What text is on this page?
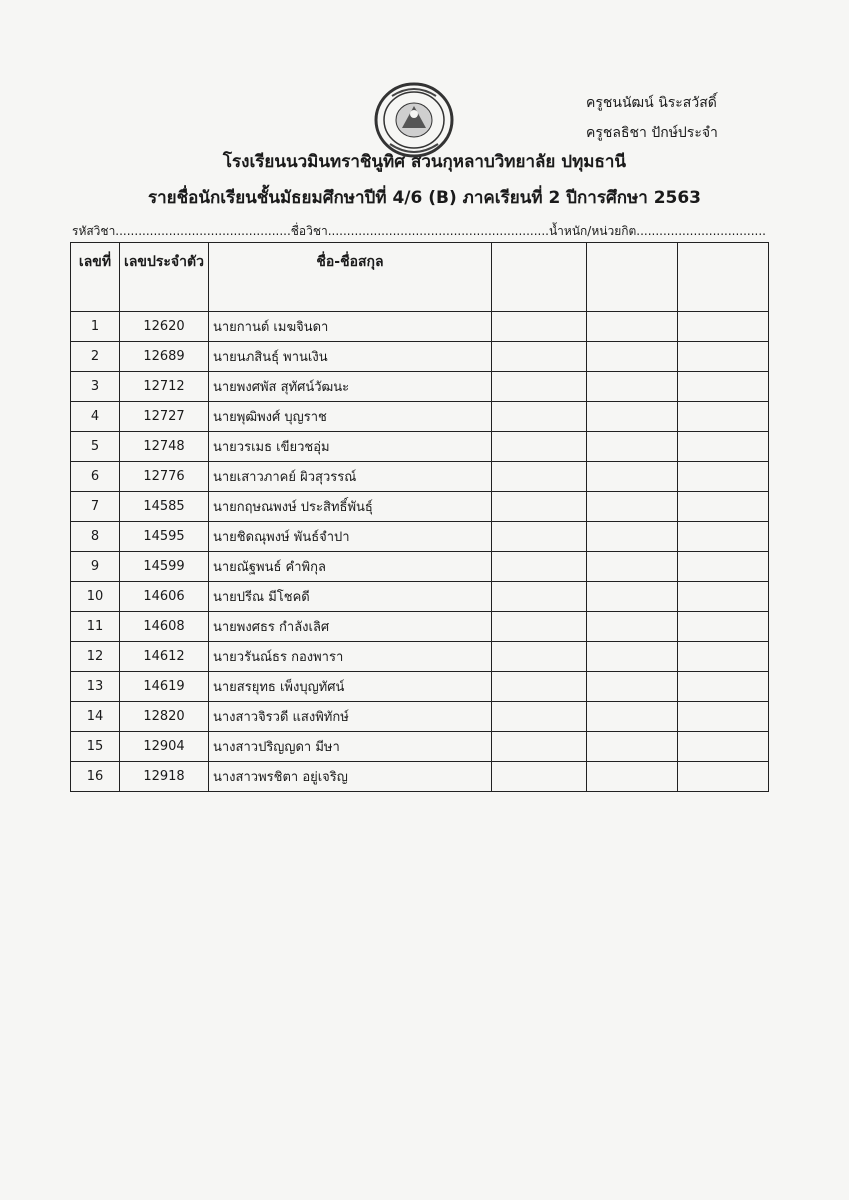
ครูชนนัฒน์ นิระสวัสดิ์
ครูชลธิชา ปักษ์ประจำ
โรงเรียนนวมินทราชินูทิศ สวนกุหลาบวิทยาลัย ปทุมธานี
รายชื่อนักเรียนชั้นมัธยมศึกษาปีที่ 4/6 (B) ภาคเรียนที่ 2 ปีการศึกษา 2563
รหัสวิชา..............................................ชื่อวิชา..........................................................น้ำหนัก/หน่วยกิต..................................
เลขที่	เลขประจำตัว	ชื่อ-ชื่อสกุล			
1	12620	นายกานต์ เมฆจินดา			
2	12689	นายนภสินธุ์ พานเงิน			
3	12712	นายพงศพัส สุทัศน์วัฒนะ			
4	12727	นายพุฒิพงศ์ บุญราช			
5	12748	นายวรเมธ เขียวชอุ่ม			
6	12776	นายเสาวภาคย์ ผิวสุวรรณ์			
7	14585	นายกฤษณพงษ์ ประสิทธิ์พันธุ์			
8	14595	นายชิดณุพงษ์ พันธ์จำปา			
9	14599	นายณัฐพนธ์ คำพิกุล			
10	14606	นายปรีณ มีโชคดี			
11	14608	นายพงศธร กำลังเลิศ			
12	14612	นายวรันณ์ธร กองพารา			
13	14619	นายสรยุทธ เพ็งบุญทัศน์			
14	12820	นางสาวจิรวดี แสงพิทักษ์			
15	12904	นางสาวปริญญดา มีษา			
16	12918	นางสาวพรชิตา อยู่เจริญ			
